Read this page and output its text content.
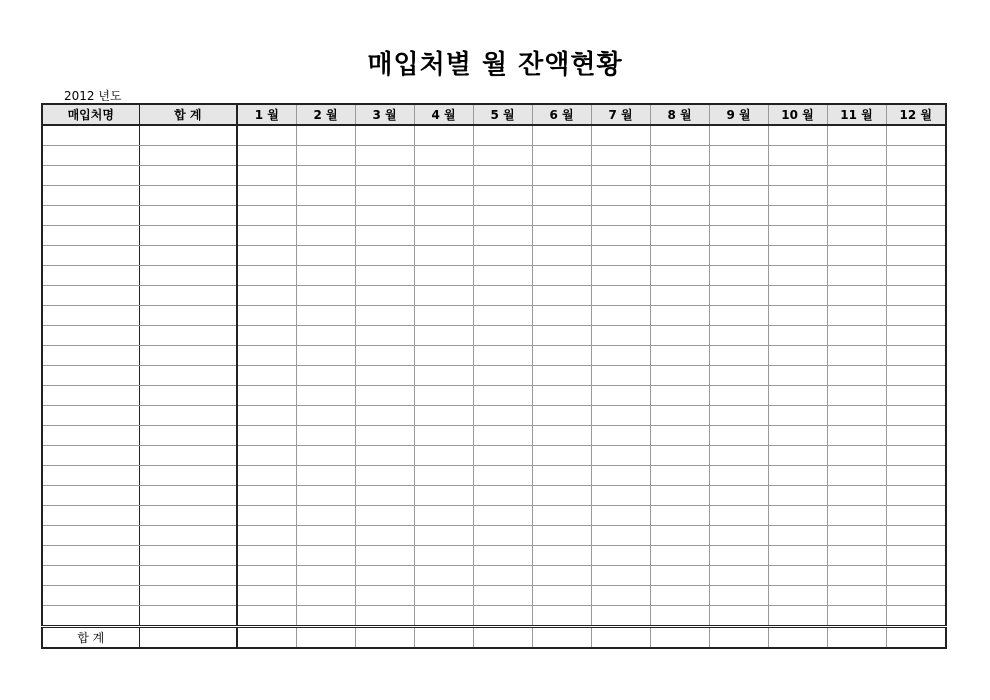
매입처별 월 잔액현황
2012 년도
매입처명	합 계	1 월	2 월	3 월	4 월	5 월	6 월	7 월	8 월	9 월	10 월	11 월	12 월

합 계													
